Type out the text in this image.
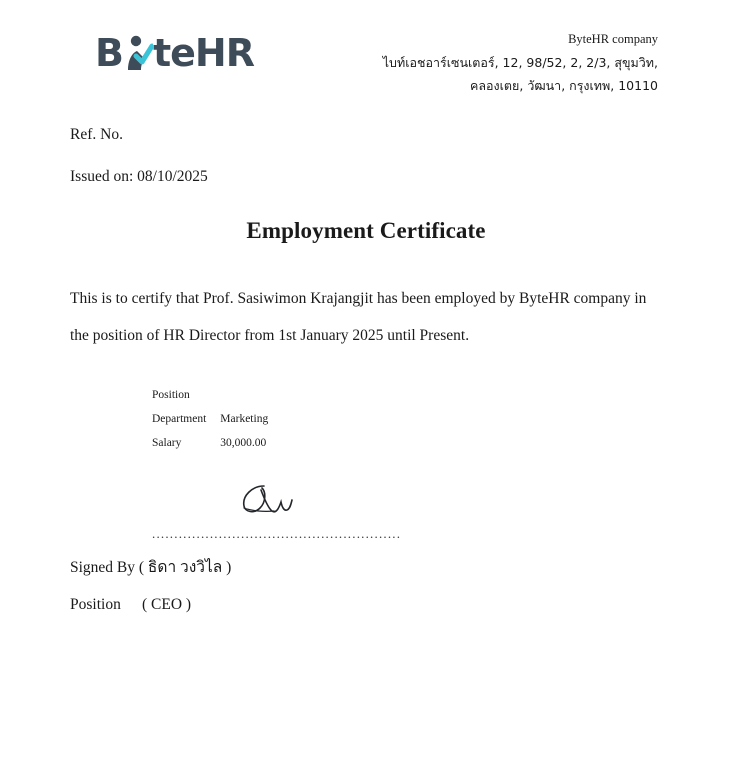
B te HR	ByteHR company
ไบท์เอชอาร์เซนเตอร์, 12, 98/52, 2, 2/3, สุขุมวิท, คลองเตย, วัฒนา, กรุงเทพ, 10110
Ref. No.
Issued on: 08/10/2025
Employment Certificate
This is to certify that Prof. Sasiwimon Krajangjit has been employed by ByteHR company in the position of HR Director from 1st January 2025 until Present.
Position	
Department	Marketing
Salary	30,000.00
........................................................
Signed By ( ธิดา วงวิไล )
Position ( CEO )
